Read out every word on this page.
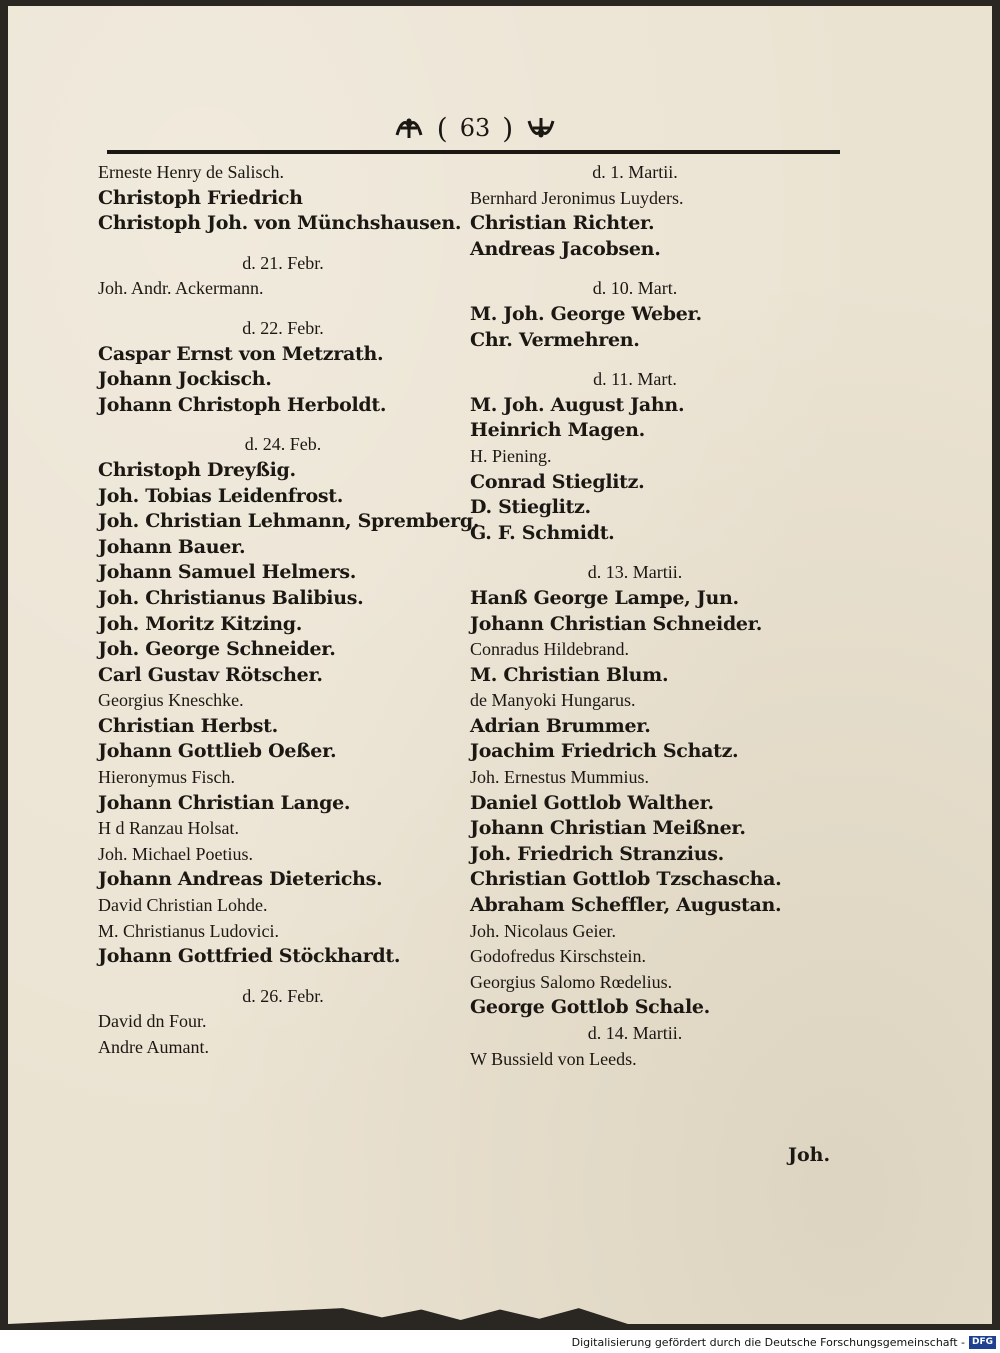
( 63 )
Erneste Henry de Salisch.
Christoph Friedrich
Christoph Joh. von Münchshausen.
d. 21. Febr.
Joh. Andr. Ackermann.
d. 22. Febr.
Caspar Ernst von Metzrath.
Johann Jockisch.
Johann Christoph Herboldt.
d. 24. Feb.
Christoph Dreyßig.
Joh. Tobias Leidenfrost.
Joh. Christian Lehmann, Spremberg.
Johann Bauer.
Johann Samuel Helmers.
Joh. Christianus Balibius.
Joh. Moritz Kitzing.
Joh. George Schneider.
Carl Gustav Rötscher.
Georgius Kneschke.
Christian Herbst.
Johann Gottlieb Oeßer.
Hieronymus Fisch.
Johann Christian Lange.
H d Ranzau Holsat.
Joh. Michael Poetius.
Johann Andreas Dieterichs.
David Christian Lohde.
M. Christianus Ludovici.
Johann Gottfried Stöckhardt.
d. 26. Febr.
David dn Four.
Andre Aumant.
d. 1. Martii.
Bernhard Jeronimus Luyders.
Christian Richter.
Andreas Jacobsen.
d. 10. Mart.
M. Joh. George Weber.
Chr. Vermehren.
d. 11. Mart.
M. Joh. August Jahn.
Heinrich Magen.
H. Piening.
Conrad Stieglitz.
D. Stieglitz.
G. F. Schmidt.
d. 13. Martii.
Hanß George Lampe, Jun.
Johann Christian Schneider.
Conradus Hildebrand.
M. Christian Blum.
de Manyoki Hungarus.
Adrian Brummer.
Joachim Friedrich Schatz.
Joh. Ernestus Mummius.
Daniel Gottlob Walther.
Johann Christian Meißner.
Joh. Friedrich Stranzius.
Christian Gottlob Tzschascha.
Abraham Scheffler, Augustan.
Joh. Nicolaus Geier.
Godofredus Kirschstein.
Georgius Salomo Rœdelius.
George Gottlob Schale.
d. 14. Martii.
W Bussield von Leeds.
Joh.
Digitalisierung gefördert durch die Deutsche Forschungsgemeinschaft - DFG
